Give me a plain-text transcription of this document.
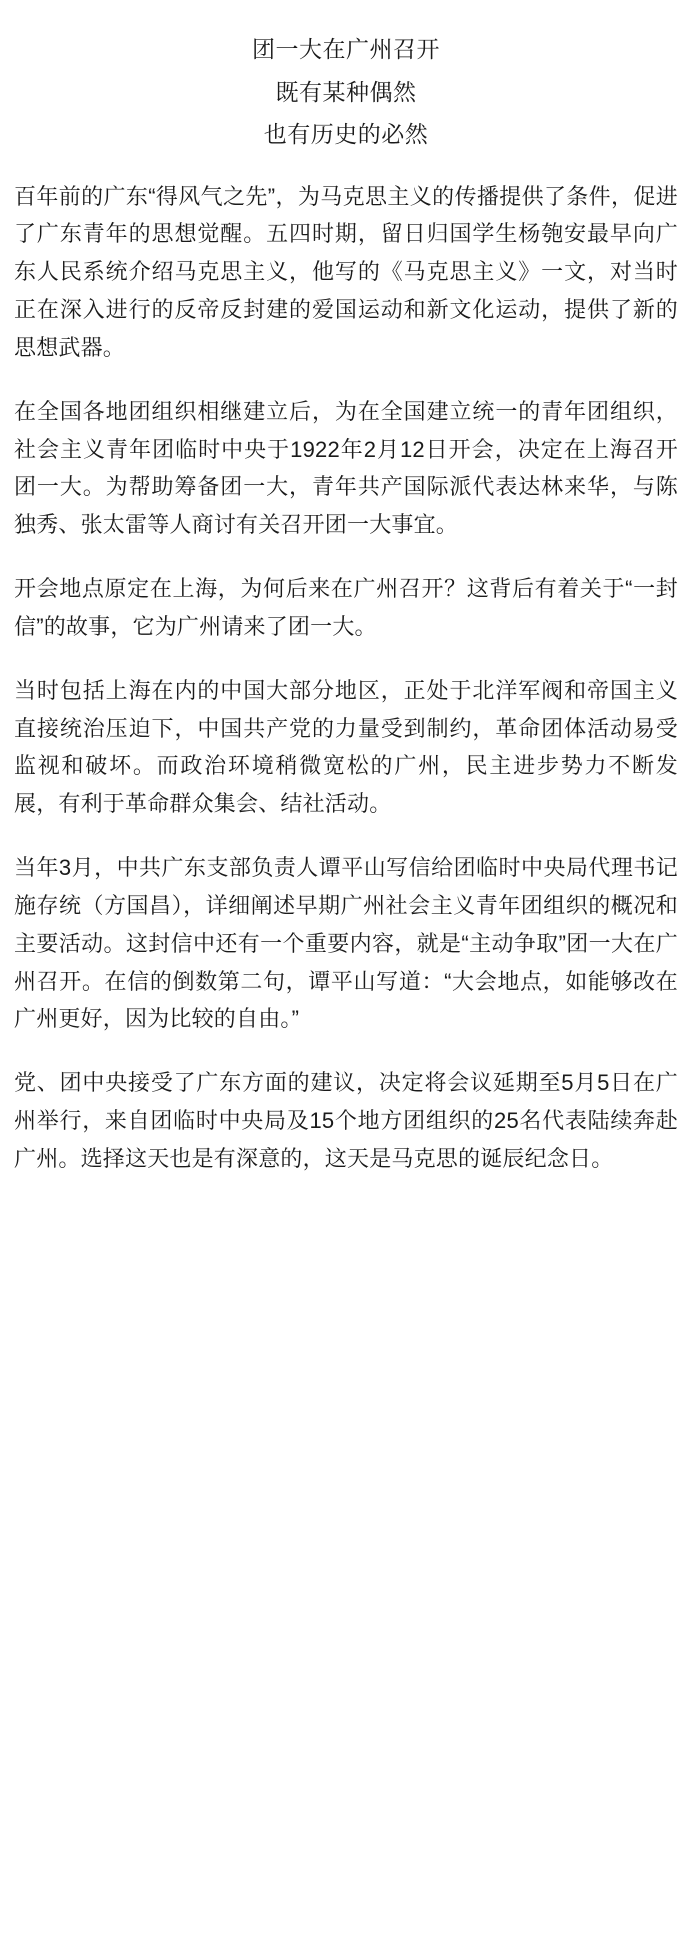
团一大在广州召开
既有某种偶然
也有历史的必然

百年前的广东“得风气之先”，为马克思主义的传播提供了条件，促进了广东青年的思想觉醒。五四时期，留日归国学生杨匏安最早向广东人民系统介绍马克思主义，他写的《马克思主义》一文，对当时正在深入进行的反帝反封建的爱国运动和新文化运动，提供了新的思想武器。

在全国各地团组织相继建立后，为在全国建立统一的青年团组织，社会主义青年团临时中央于1922年2月12日开会，决定在上海召开团一大。为帮助筹备团一大，青年共产国际派代表达林来华，与陈独秀、张太雷等人商讨有关召开团一大事宜。

开会地点原定在上海，为何后来在广州召开？这背后有着关于“一封信”的故事，它为广州请来了团一大。

当时包括上海在内的中国大部分地区，正处于北洋军阀和帝国主义直接统治压迫下，中国共产党的力量受到制约，革命团体活动易受监视和破坏。而政治环境稍微宽松的广州，民主进步势力不断发展，有利于革命群众集会、结社活动。

当年3月，中共广东支部负责人谭平山写信给团临时中央局代理书记施存统（方国昌），详细阐述早期广州社会主义青年团组织的概况和主要活动。这封信中还有一个重要内容，就是“主动争取”团一大在广州召开。在信的倒数第二句，谭平山写道：“大会地点，如能够改在广州更好，因为比较的自由。”

党、团中央接受了广东方面的建议，决定将会议延期至5月5日在广州举行，来自团临时中央局及15个地方团组织的25名代表陆续奔赴广州。选择这天也是有深意的，这天是马克思的诞辰纪念日。
